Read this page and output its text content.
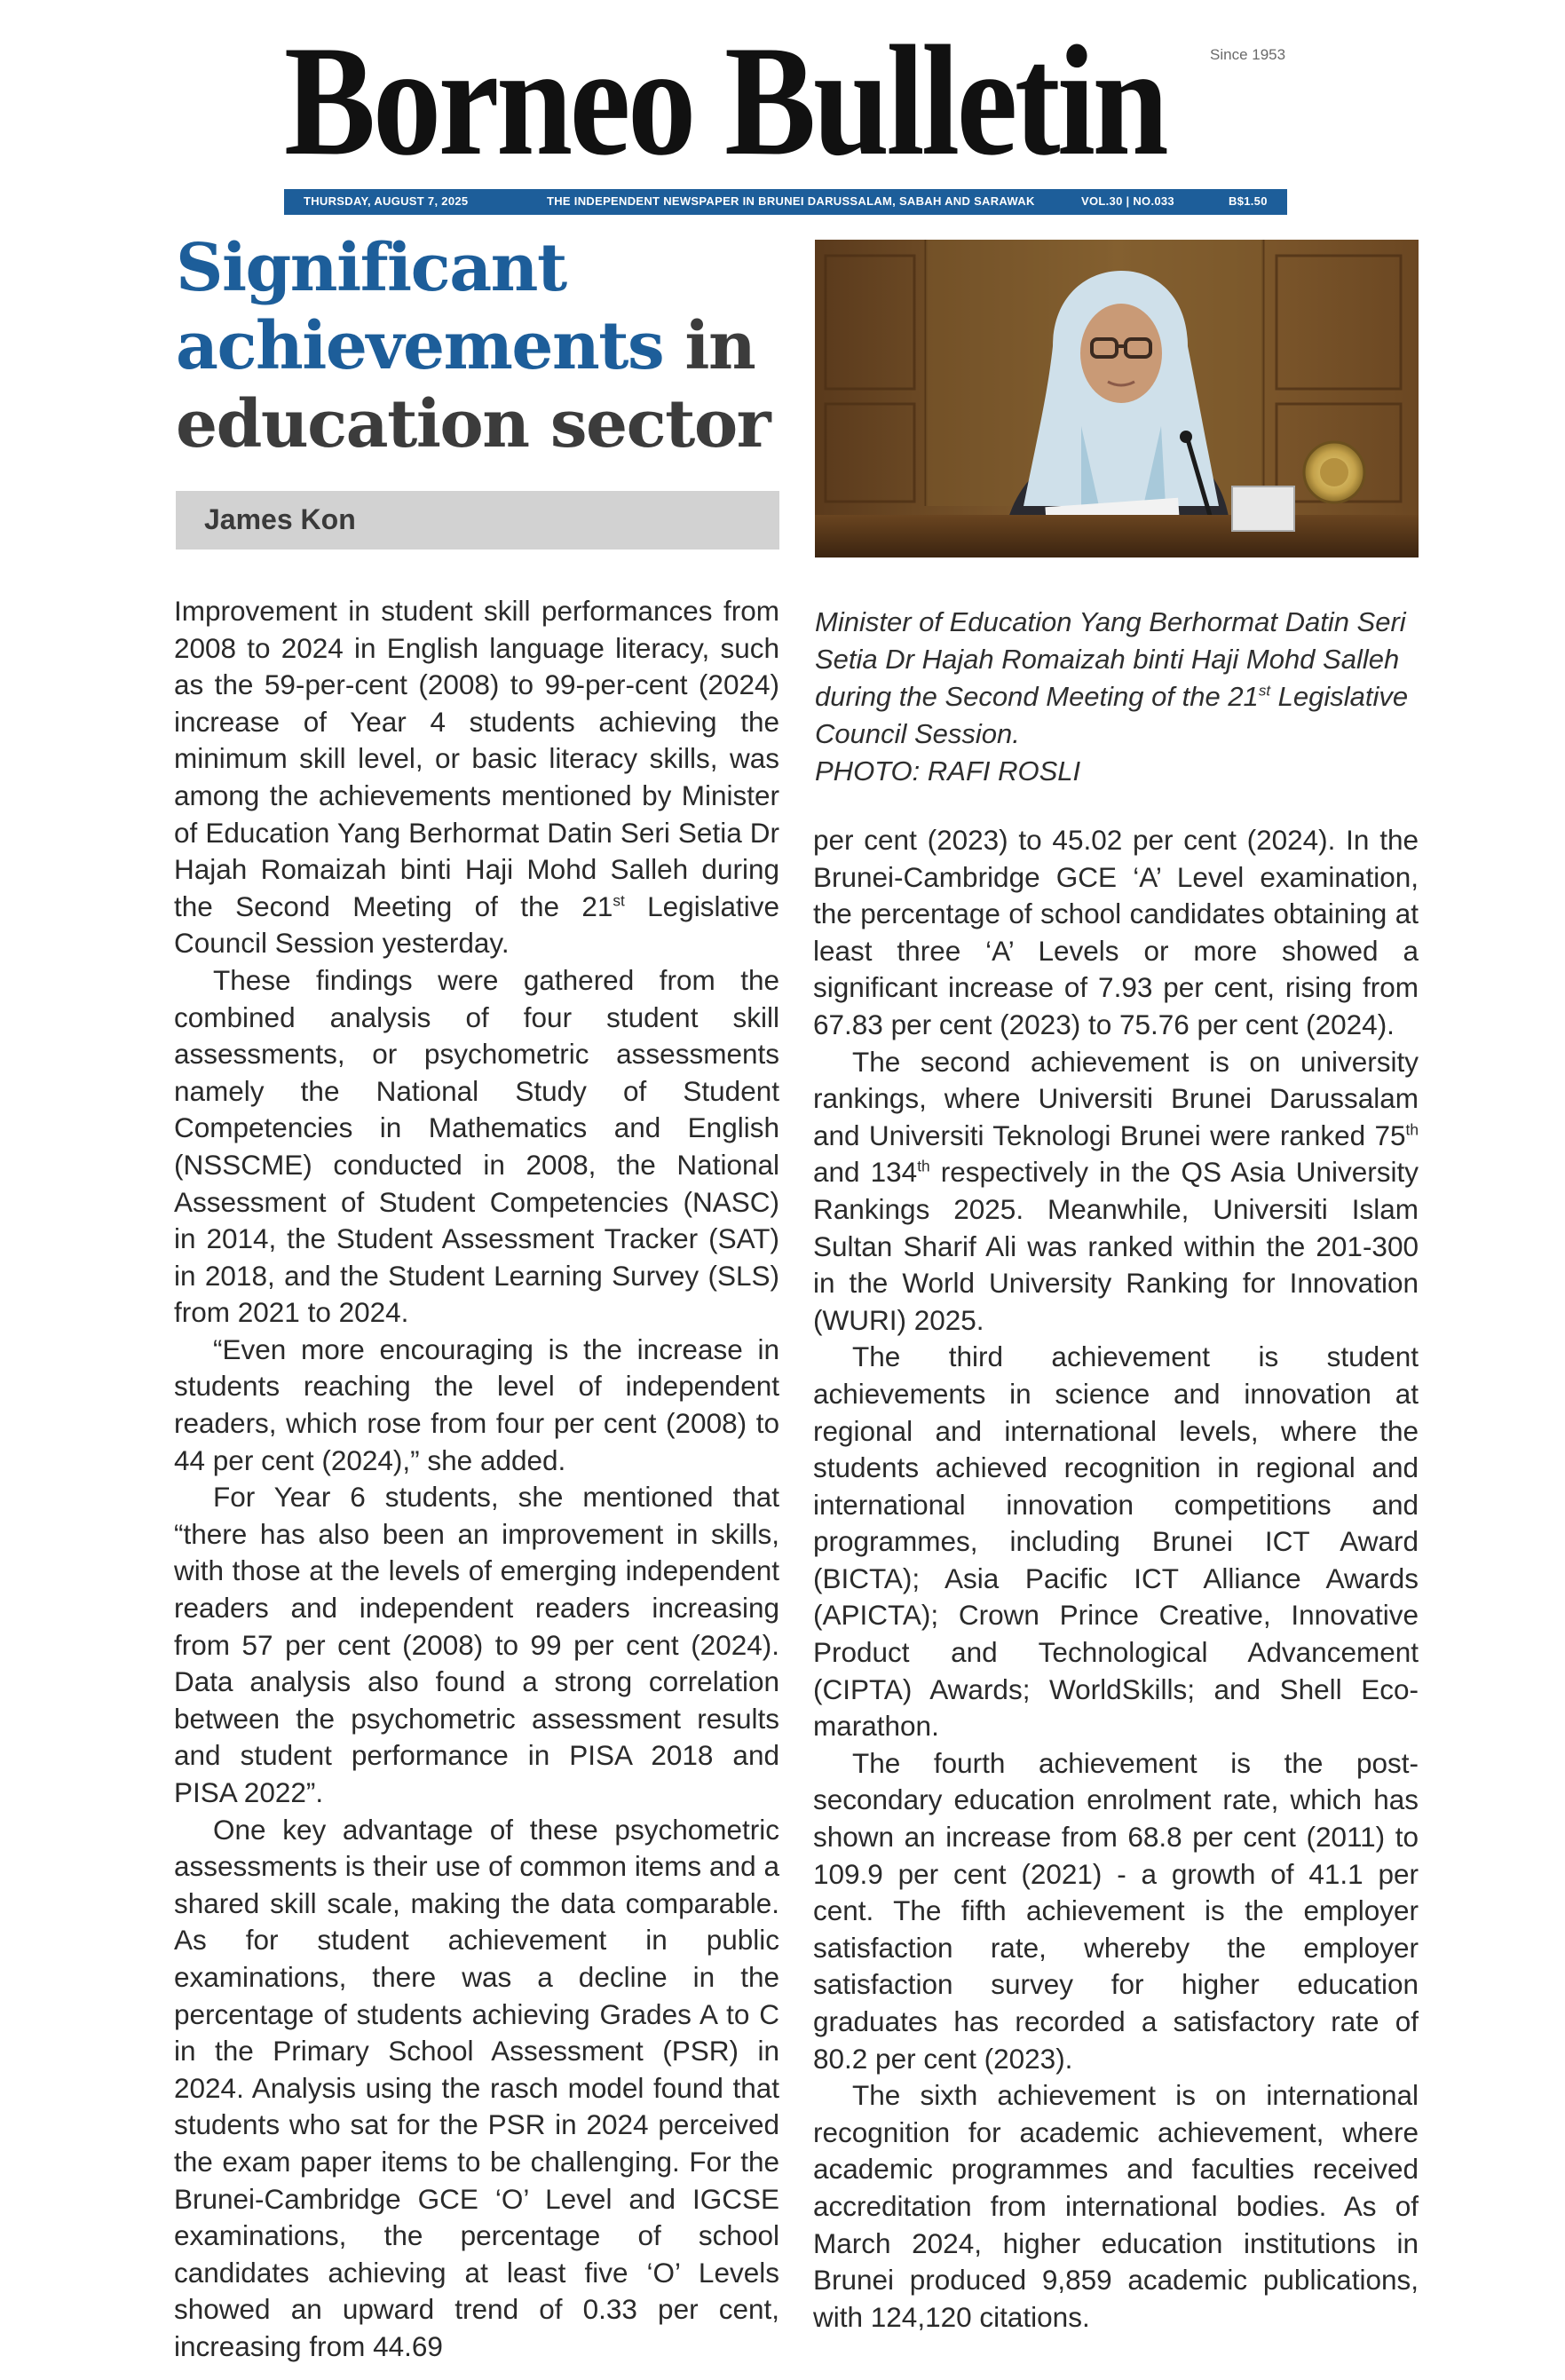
Borneo Bulletin	Since 1953
THURSDAY, AUGUST 7, 2025	THE INDEPENDENT NEWSPAPER IN BRUNEI DARUSSALAM, SABAH AND SARAWAK	VOL.30 | NO.033	B$1.50
Significant
achievements in
education sector
James Kon
Minister of Education Yang Berhormat Datin Seri Setia Dr Hajah Romaizah binti Haji Mohd Salleh during the Second Meeting of the 21st Legislative Council Session.
PHOTO: RAFI ROSLI

Improvement in student skill performances from 2008 to 2024 in English language literacy, such as the 59-per-cent (2008) to 99-per-cent (2024) increase of Year 4 students achieving the minimum skill level, or basic literacy skills, was among the achievements mentioned by Minister of Education Yang Berhormat Datin Seri Setia Dr Hajah Romaizah binti Haji Mohd Salleh during the Second Meeting of the 21st Legislative Council Session yesterday.

These findings were gathered from the combined analysis of four student skill assessments, or psychometric assessments namely the National Study of Student Competencies in Mathematics and English (NSSCME) conducted in 2008, the National Assessment of Student Competencies (NASC) in 2014, the Student Assessment Tracker (SAT) in 2018, and the Student Learning Survey (SLS) from 2021 to 2024.

“Even more encouraging is the increase in students reaching the level of independent readers, which rose from four per cent (2008) to 44 per cent (2024),” she added.

For Year 6 students, she mentioned that “there has also been an improvement in skills, with those at the levels of emerging independent readers and independent readers increasing from 57 per cent (2008) to 99 per cent (2024). Data analysis also found a strong correlation between the psychometric assessment results and student performance in PISA 2018 and PISA 2022”.

One key advantage of these psychometric assessments is their use of common items and a shared skill scale, making the data comparable. As for student achievement in public examinations, there was a decline in the percentage of students achieving Grades A to C in the Primary School Assessment (PSR) in 2024. Analysis using the rasch model found that students who sat for the PSR in 2024 perceived the exam paper items to be challenging. For the Brunei-Cambridge GCE ‘O’ Level and IGCSE examinations, the percentage of school candidates achieving at least five ‘O’ Levels showed an upward trend of 0.33 per cent, increasing from 44.69

per cent (2023) to 45.02 per cent (2024). In the Brunei-Cambridge GCE ‘A’ Level examination, the percentage of school candidates obtaining at least three ‘A’ Levels or more showed a significant increase of 7.93 per cent, rising from 67.83 per cent (2023) to 75.76 per cent (2024).

The second achievement is on university rankings, where Universiti Brunei Darussalam and Universiti Teknologi Brunei were ranked 75th and 134th respectively in the QS Asia University Rankings 2025. Meanwhile, Universiti Islam Sultan Sharif Ali was ranked within the 201-300 in the World University Ranking for Innovation (WURI) 2025.

The third achievement is student achievements in science and innovation at regional and international levels, where the students achieved recognition in regional and international innovation competitions and programmes, including Brunei ICT Award (BICTA); Asia Pacific ICT Alliance Awards (APICTA); Crown Prince Creative, Innovative Product and Technological Advancement (CIPTA) Awards; WorldSkills; and Shell Eco-marathon.

The fourth achievement is the post-secondary education enrolment rate, which has shown an increase from 68.8 per cent (2011) to 109.9 per cent (2021) - a growth of 41.1 per cent. The fifth achievement is the employer satisfaction rate, whereby the employer satisfaction survey for higher education graduates has recorded a satisfactory rate of 80.2 per cent (2023).

The sixth achievement is on international recognition for academic achievement, where academic programmes and faculties received accreditation from international bodies. As of March 2024, higher education institutions in Brunei produced 9,859 academic publications, with 124,120 citations.
